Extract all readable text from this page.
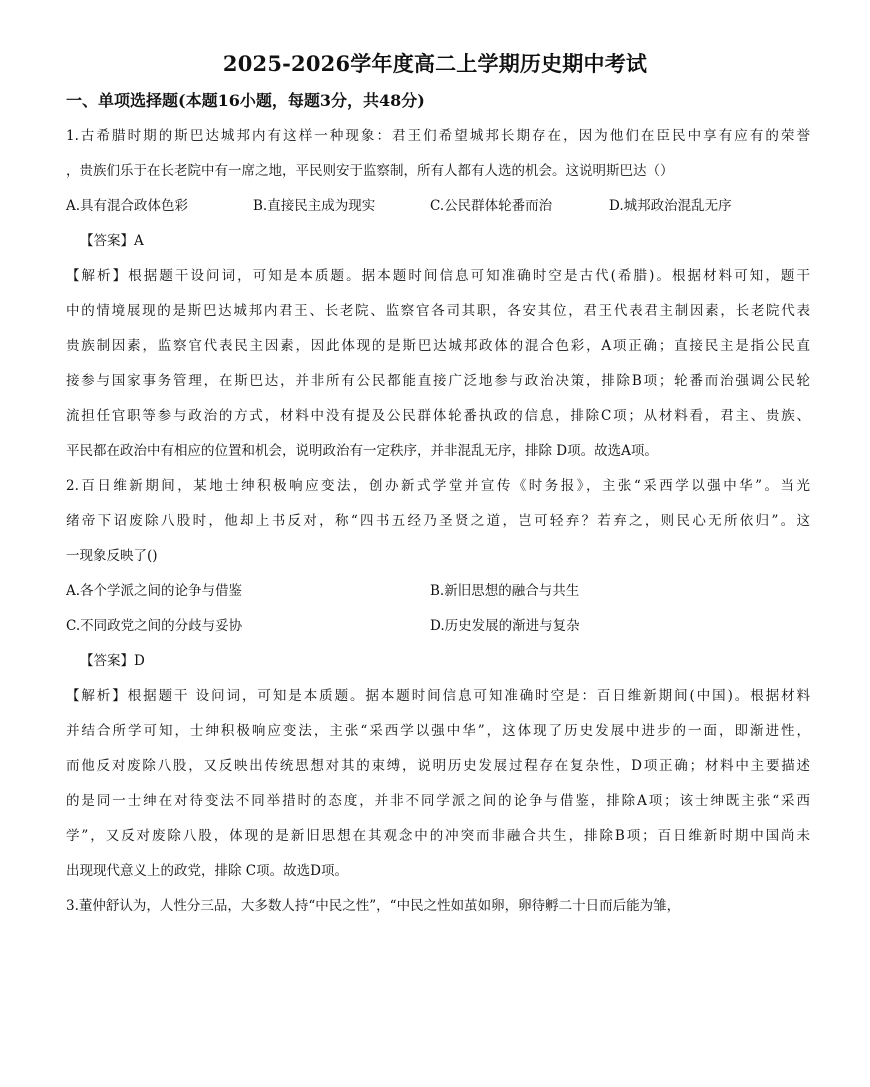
2025-2026学年度高二上学期历史期中考试
一、单项选择题(本题16小题，每题3分，共48分)
1.古希腊时期的斯巴达城邦内有这样一种现象：君王们希望城邦长期存在，因为他们在臣民中享有应有的荣誉
，贵族们乐于在长老院中有一席之地，平民则安于监察制，所有人都有人选的机会。这说明斯巴达（）
A.具有混合政体色彩	B.直接民主成为现实	C.公民群体轮番而治	D.城邦政治混乱无序
【答案】A
【解析】根据题干设问词，可知是本质题。据本题时间信息可知准确时空是古代(希腊)。根据材料可知，题干
中的情境展现的是斯巴达城邦内君王、长老院、监察官各司其职，各安其位，君王代表君主制因素，长老院代表
贵族制因素，监察官代表民主因素，因此体现的是斯巴达城邦政体的混合色彩，A项正确；直接民主是指公民直
接参与国家事务管理，在斯巴达，并非所有公民都能直接广泛地参与政治决策，排除B项；轮番而治强调公民轮
流担任官职等参与政治的方式，材料中没有提及公民群体轮番执政的信息，排除C项；从材料看，君主、贵族、
平民都在政治中有相应的位置和机会，说明政治有一定秩序，并非混乱无序，排除 D项。故选A项。
2.百日维新期间，某地士绅积极响应变法，创办新式学堂并宣传《时务报》，主张“采西学以强中华”。当光
绪帝下诏废除八股时，他却上书反对，称“四书五经乃圣贤之道，岂可轻弃？若弃之，则民心无所依归”。这
一现象反映了()
A.各个学派之间的论争与借鉴	B.新旧思想的融合与共生
C.不同政党之间的分歧与妥协	D.历史发展的渐进与复杂
【答案】D
【解析】根据题干 设问词，可知是本质题。据本题时间信息可知准确时空是：百日维新期间(中国)。根据材料
并结合所学可知，士绅积极响应变法，主张“采西学以强中华”，这体现了历史发展中进步的一面，即渐进性，
而他反对废除八股，又反映出传统思想对其的束缚，说明历史发展过程存在复杂性，D项正确；材料中主要描述
的是同一士绅在对待变法不同举措时的态度，并非不同学派之间的论争与借鉴，排除A项；该士绅既主张“采西
学”，又反对废除八股，体现的是新旧思想在其观念中的冲突而非融合共生，排除B项；百日维新时期中国尚未
出现现代意义上的政党，排除 C项。故选D项。
3.董仲舒认为，人性分三品，大多数人持“中民之性”，“中民之性如茧如卵，卵待孵二十日而后能为雏，
